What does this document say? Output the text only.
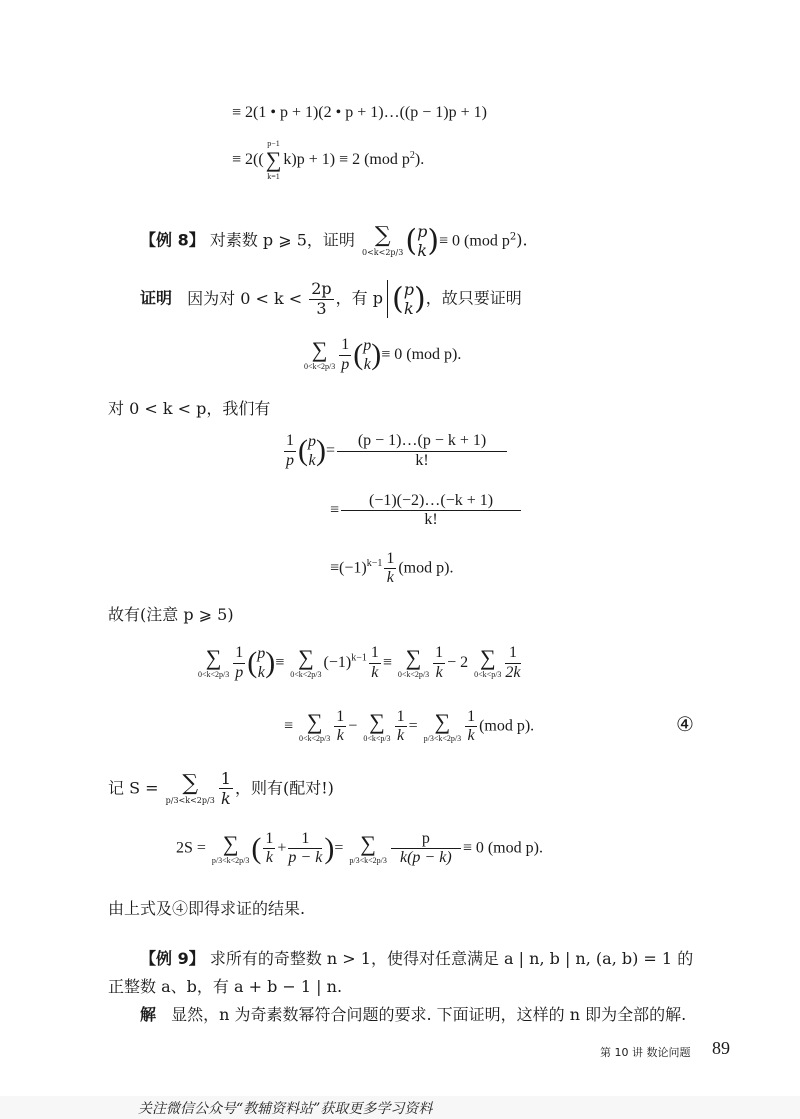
≡ 2(1 • p + 1)(2 • p + 1)…((p − 1)p + 1)
≡ 2((
p−1
∑
k=1
k)p + 1) ≡ 2 (mod $p^2$).
【例 8】 对素数 p ⩾ 5，证明 ∑
0<k<2p/3 (p
k)≡ 0 (mod $p^2$).
证明 因为对 $0 < k < \frac{2p}{3}$ ，有 p (p
k)，故只要证明
∑
$0<k<2p/3 \frac{1}{p}(p$
k)≡ 0 (mod p).
对 0 < k < p，我们有
$\frac{1}{p}(p$
$k)= \frac{(p - 1)\dots(p - k + 1)}{k!}$
≡ $\frac{(-1)(-2)\dots(-k + 1)}{k!}$
$\equiv(-1)^{k-1} \frac{1}{k} (mod$ p).
故有(注意 p ⩾ 5)
∑
$0<k<2p/3 \frac{1}{p}(p$
k)≡ ∑
0<k<2p/3
$(-1)^{k-1} \frac{1}{k}$ ≡ ∑
$0<k<2p/3 \frac{1}{k} - 2$ ∑
$0<k<p/3 \frac{1}{2k}$
≡ ∑
$0<k<2p/3 \frac{1}{k}$ − ∑
$0<k<p/3 \frac{1}{k}$ = ∑
$p/3<k<2p/3 \frac{1}{k} (mod$ p).	④
记 S =	∑
$p/3<k<2p/3 \frac{1}{k}$ ，则有(配对!)
2S = ∑
p/3<k<2p/3 ( $\frac{1}{k} + \frac{1}{p - k})=$ ∑
$p/3<k<2p/3 \frac{p}{k(p - k)} \equiv 0$ (mod p).
由上式及④即得求证的结果.
【例 9】 求所有的奇整数 n > 1，使得对任意满足 a | n, b | n, (a, b) = 1 的
正整数 a、b，有 a + b − 1 | n.
解 显然，n 为奇素数幂符合问题的要求. 下面证明，这样的 n 即为全部的解.
第 10 讲 数论问题 89
关注微信公众号“教辅资料站”获取更多学习资料
